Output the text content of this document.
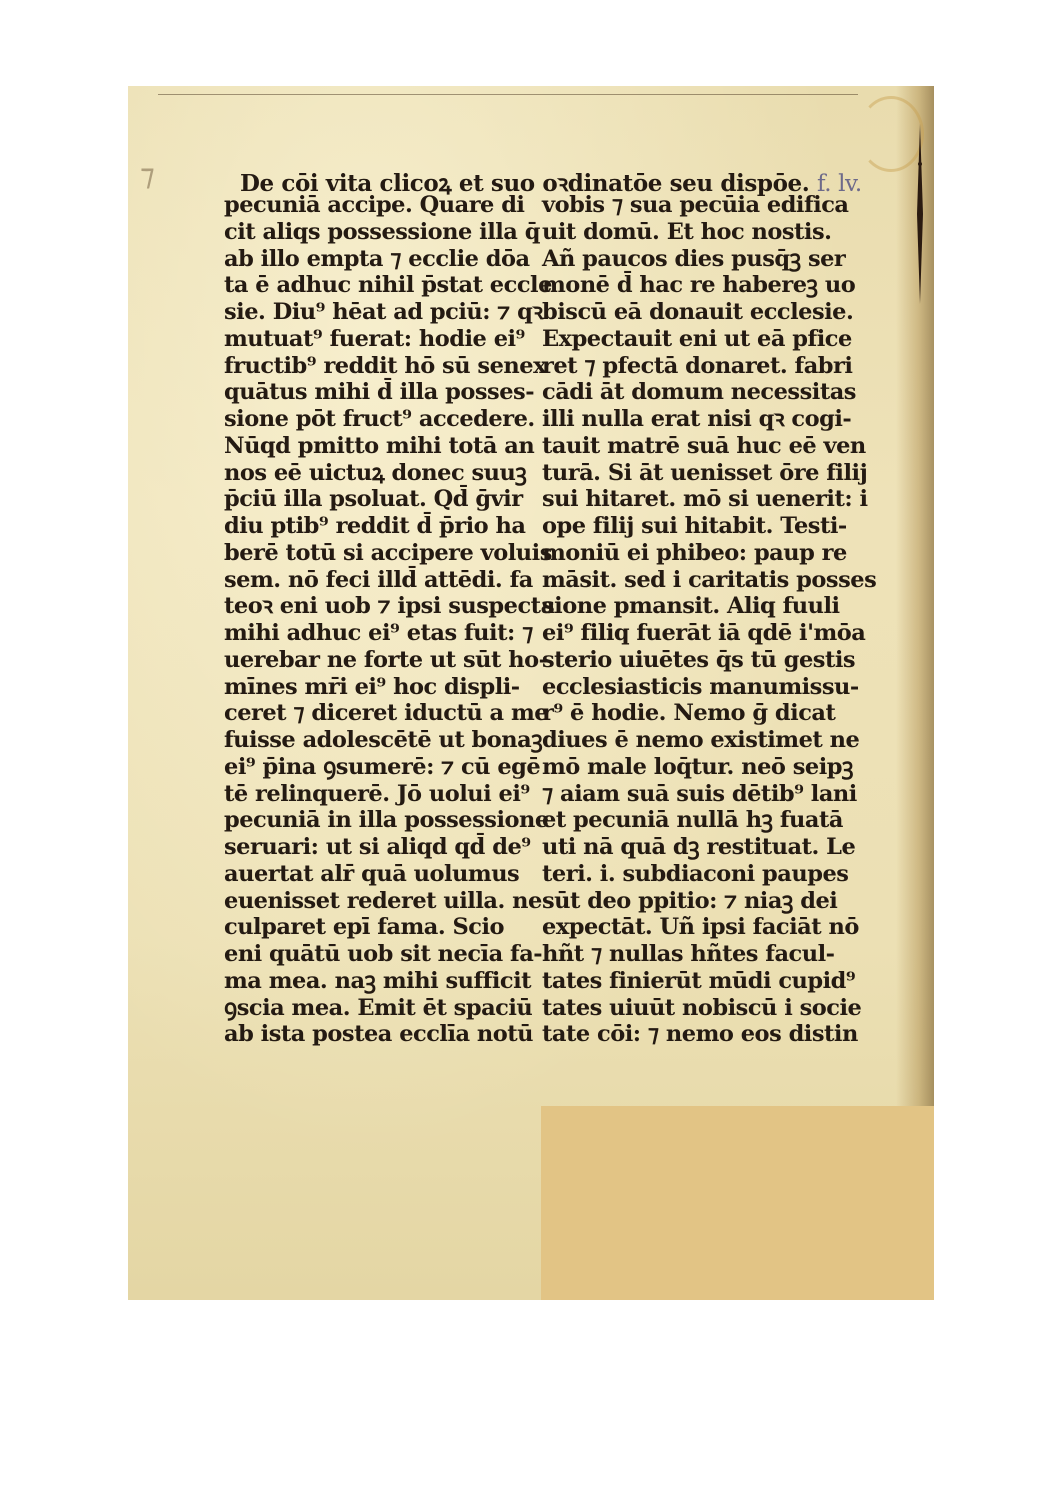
⁊	De cōi vita clicoꝝ et suo oꝛdinatōe seu dispōe. f. lv.
pecuniā accipe. Quare di
cit aliqs possessione illa q̄
ab illo empta ⁊ ecclie dōa
ta ē adhuc nihil p̄stat eccle
sie. Diu⁹ hēat ad pciū: ⁊ qꝛ
mutuat⁹ fuerat: hodie ei⁹
fructib⁹ reddit hō sū senex
quātus mihi d̄ illa posses-
sione pōt fruct⁹ accedere.
Nūqd pmitto mihi totā an
nos eē uictuꝝ donec suuꝫ
p̄ciū illa psoluat. Qd̄ ḡvir
diu ptib⁹ reddit d̄ p̄rio ha
berē totū si accipere voluis
sem. nō feci illd̄ attēdi. fa
teoꝛ eni uob ⁊ ipsi suspecta
mihi adhuc ei⁹ etas fuit: ⁊
uerebar ne forte ut sūt ho-
mīnes mr̄i ei⁹ hoc displi-
ceret ⁊ diceret iductū a me
fuisse adolescētē ut bonaꝫ
ei⁹ p̄ina ꝯsumerē: ⁊ cū egē
tē relinquerē. Jō uolui ei⁹
pecuniā in illa possessione
seruari: ut si aliqd qd̄ de⁹
auertat alr̄ quā uolumus
euenisset rederet uilla. ne
culparet epī fama. Scio
eni quātū uob sit necīa fa-
ma mea. naꝫ mihi sufficit
ꝯscia mea. Emit ēt spaciū
ab ista postea ecclīa notū
vobis ⁊ sua pecūia edifica
uit domū. Et hoc nostis.
Añ paucos dies pusq̄ꝫ ser
monē d̄ hac re habereꝫ uo
biscū eā donauit ecclesie.
Expectauit eni ut eā pfice
ret ⁊ pfectā donaret. fabri
cādi āt domum necessitas
illi nulla erat nisi qꝛ cogi-
tauit matrē suā huc eē ven
turā. Si āt uenisset ōre filij
sui hitaret. mō si uenerit: i
ope filij sui hitabit. Testi-
moniū ei phibeo: paup re
māsit. sed i caritatis posses
sione pmansit. Aliq fuuli
ei⁹ filiq fuerāt iā qdē i'mōa
sterio uiuētes q̄s tū gestis
ecclesiasticis manumissu-
r⁹ ē hodie. Nemo ḡ dicat
diues ē nemo existimet ne
mō male loq̄tur. neō seipꝫ
⁊ aiam suā suis dētib⁹ lani
et pecuniā nullā hꝫ fuatā
uti nā quā dꝫ restituat. Le
teri. i. subdiaconi paupes
sūt deo ppitio: ⁊ niaꝫ dei
expectāt. Uñ ipsi faciāt nō
hñt ⁊ nullas hñtes facul-
tates finierūt mūdi cupid⁹
tates uiuūt nobiscū i socie
tate cōi: ⁊ nemo eos distin
